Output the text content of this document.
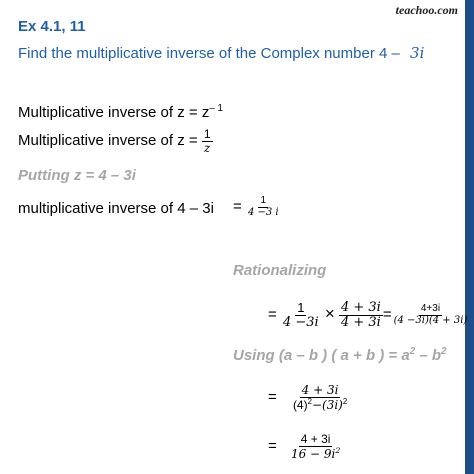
teachoo.com
Ex 4.1, 11
Find the multiplicative inverse of the Complex number 4 – 3i
Multiplicative inverse of $z = z^{- 1}$
Multiplicative inverse of $z = \frac{1}{z}$
Putting z = 4 – 3i
multiplicative inverse of $4 - 3i = \frac{1}{4 -3 i}$
Rationalizing
= $\frac{1}{4 -3i} \times \frac{4 + 3i}{4 + 3i} = \frac{4+3i}{(4 -3i)(4 + 3i)}$
Using (a – b ) ( a + b ) = $a^2 - b^2$
= $\frac{4 + 3i}{(4)^2-(3i)^2}$
= $\frac{4 + 3i}{16 - 9i^2}$
